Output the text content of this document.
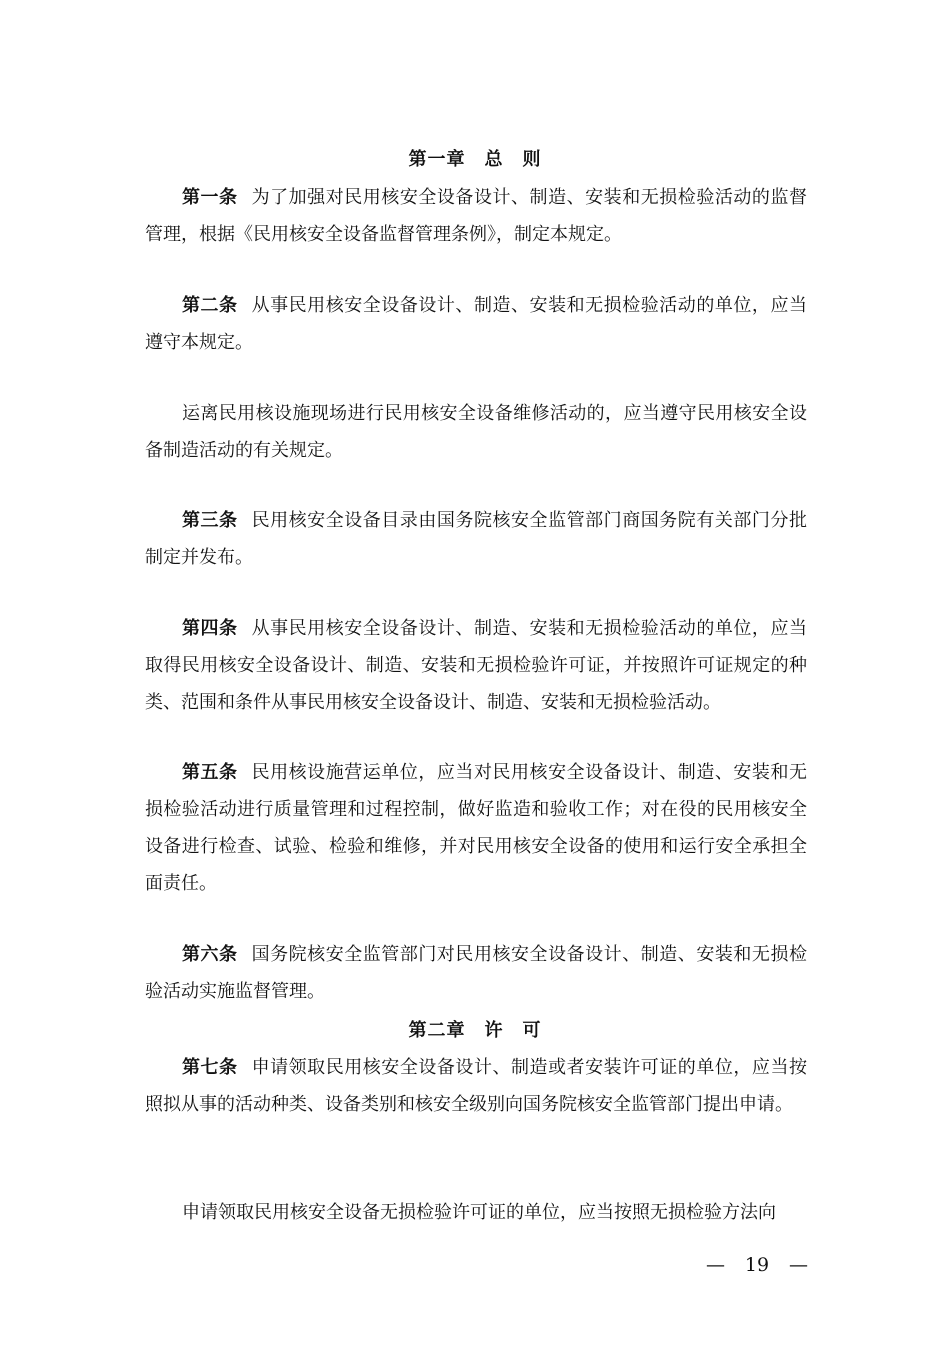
第一章　总　则

第一条 为了加强对民用核安全设备设计、制造、安装和无损检验活动的监督管理，根据《民用核安全设备监督管理条例》，制定本规定。

第二条 从事民用核安全设备设计、制造、安装和无损检验活动的单位，应当遵守本规定。

运离民用核设施现场进行民用核安全设备维修活动的，应当遵守民用核安全设备制造活动的有关规定。

第三条 民用核安全设备目录由国务院核安全监管部门商国务院有关部门分批制定并发布。

第四条 从事民用核安全设备设计、制造、安装和无损检验活动的单位，应当取得民用核安全设备设计、制造、安装和无损检验许可证，并按照许可证规定的种类、范围和条件从事民用核安全设备设计、制造、安装和无损检验活动。

第五条 民用核设施营运单位，应当对民用核安全设备设计、制造、安装和无损检验活动进行质量管理和过程控制，做好监造和验收工作；对在役的民用核安全设备进行检查、试验、检验和维修，并对民用核安全设备的使用和运行安全承担全面责任。

第六条 国务院核安全监管部门对民用核安全设备设计、制造、安装和无损检验活动实施监督管理。

第二章　许　可

第七条 申请领取民用核安全设备设计、制造或者安装许可证的单位，应当按照拟从事的活动种类、设备类别和核安全级别向国务院核安全监管部门提出申请。

申请领取民用核安全设备无损检验许可证的单位，应当按照无损检验方法向

— 19 —
